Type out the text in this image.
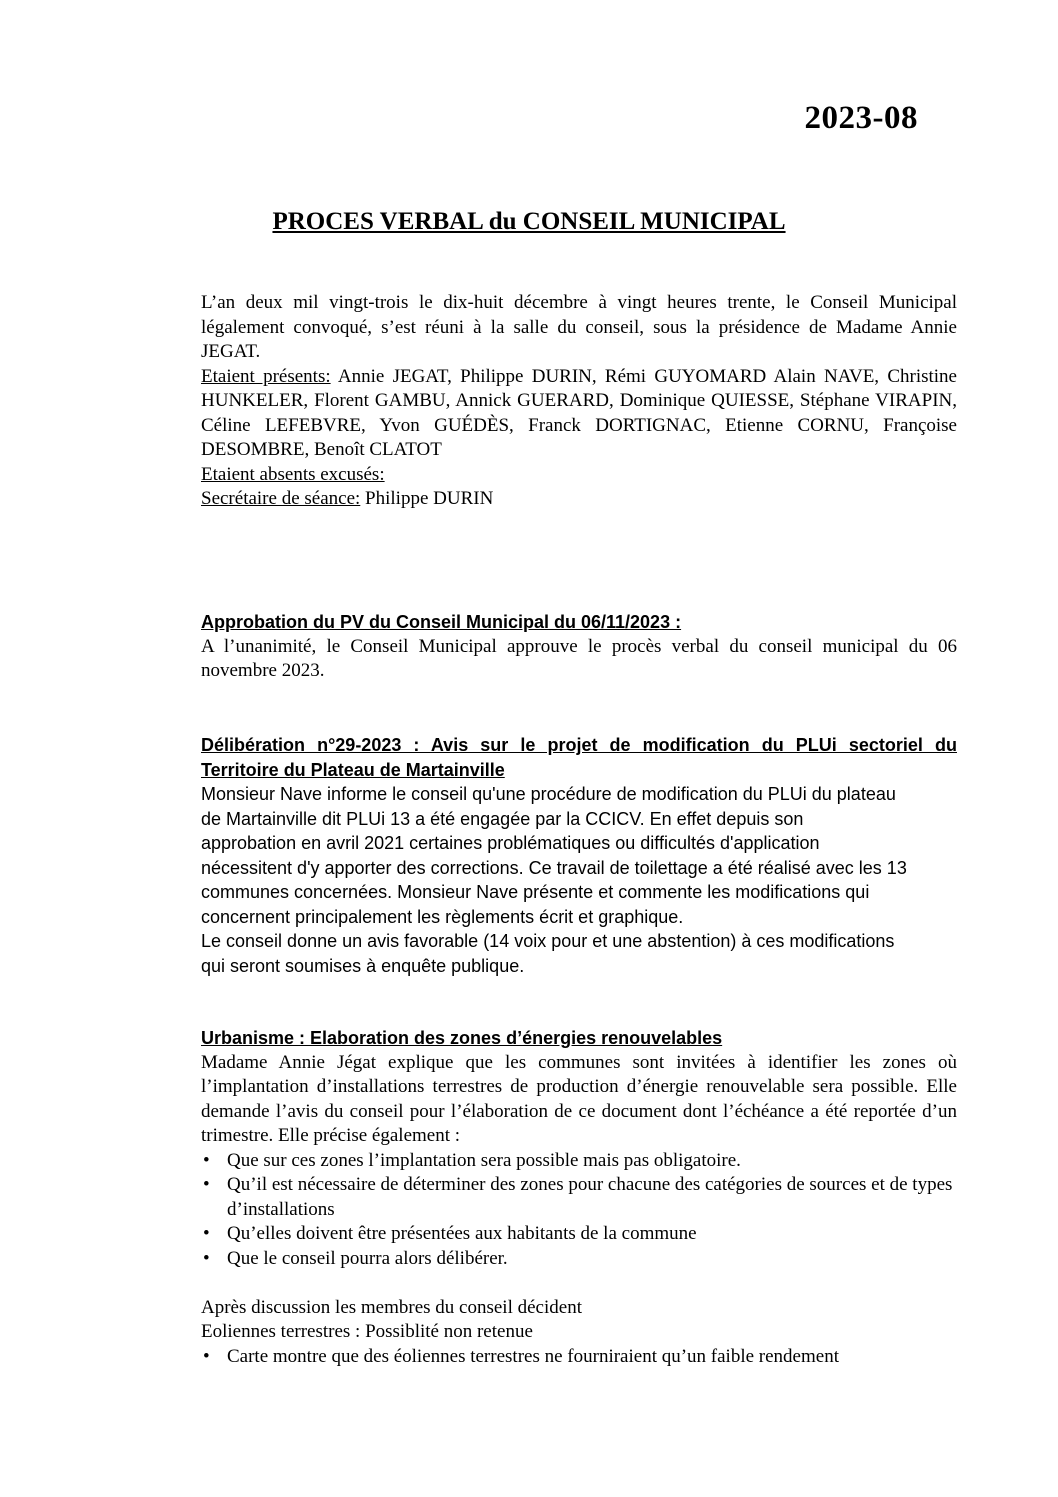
2023-08
PROCES VERBAL du CONSEIL MUNICIPAL

L’an deux mil vingt-trois le dix-huit décembre à vingt heures trente, le Conseil Municipal légalement convoqué, s’est réuni à la salle du conseil, sous la présidence de Madame Annie JEGAT.

Etaient présents: Annie JEGAT, Philippe DURIN, Rémi GUYOMARD Alain NAVE, Christine HUNKELER, Florent GAMBU, Annick GUERARD, Dominique QUIESSE, Stéphane VIRAPIN, Céline LEFEBVRE, Yvon GUÉDÈS, Franck DORTIGNAC, Etienne CORNU, Françoise DESOMBRE, Benoît CLATOT

Etaient absents excusés:

Secrétaire de séance: Philippe DURIN

Approbation du PV du Conseil Municipal du 06/11/2023 :

A l’unanimité, le Conseil Municipal approuve le procès verbal du conseil municipal du 06 novembre 2023.

Délibération n°29-2023 : Avis sur le projet de modification du PLUi sectoriel du

Territoire du Plateau de Martainville

Monsieur Nave informe le conseil qu'une procédure de modification du PLUi du plateau

de Martainville dit PLUi 13 a été engagée par la CCICV. En effet depuis son

approbation en avril 2021 certaines problématiques ou difficultés d'application

nécessitent d'y apporter des corrections. Ce travail de toilettage a été réalisé avec les 13

communes concernées. Monsieur Nave présente et commente les modifications qui

concernent principalement les règlements écrit et graphique.

Le conseil donne un avis favorable (14 voix pour et une abstention) à ces modifications

qui seront soumises à enquête publique.

Urbanisme : Elaboration des zones d’énergies renouvelables

Madame Annie Jégat explique que les communes sont invitées à identifier les zones où l’implantation d’installations terrestres de production d’énergie renouvelable sera possible. Elle demande l’avis du conseil pour l’élaboration de ce document dont l’échéance a été reportée d’un trimestre. Elle précise également :

• Que sur ces zones l’implantation sera possible mais pas obligatoire.
• Qu’il est nécessaire de déterminer des zones pour chacune des catégories de sources et de types d’installations
• Qu’elles doivent être présentées aux habitants de la commune
• Que le conseil pourra alors délibérer.

Après discussion les membres du conseil décident

Eoliennes terrestres : Possiblité non retenue

• Carte montre que des éoliennes terrestres ne fourniraient qu’un faible rendement
